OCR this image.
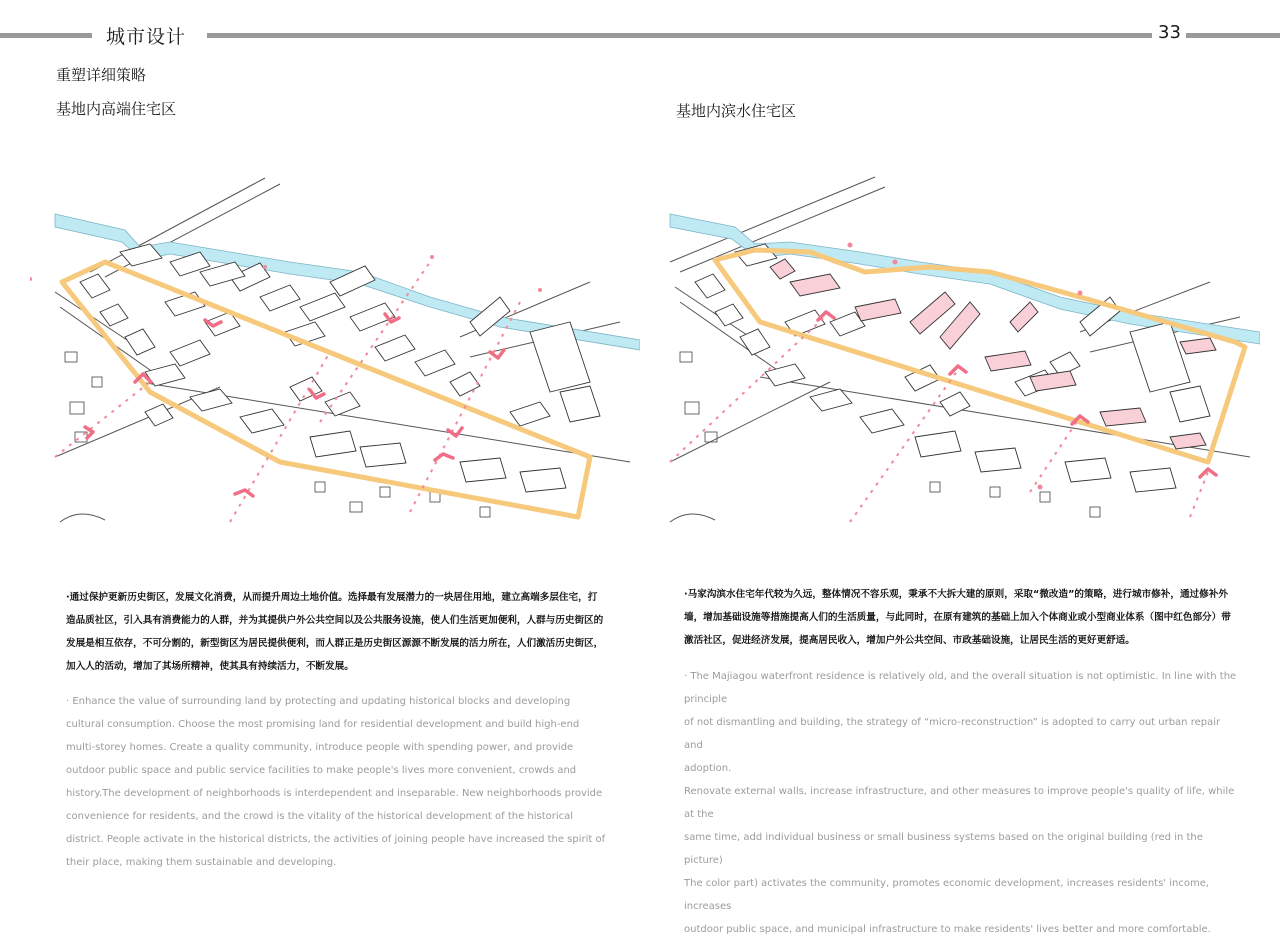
城市设计	33
重塑详细策略
基地内高端住宅区	基地内滨水住宅区

·通过保护更新历史街区，发展文化消费，从而提升周边土地价值。选择最有发展潜力的一块居住用地，建立高端多层住宅，打造品质社区，引入具有消费能力的人群，并为其提供户外公共空间以及公共服务设施，使人们生活更加便利，人群与历史街区的发展是相互依存，不可分割的，新型街区为居民提供便利，而人群正是历史街区源源不断发展的活力所在，人们激活历史街区，加入人的活动，增加了其场所精神，使其具有持续活力，不断发展。

· Enhance the value of surrounding land by protecting and updating historical blocks and developing cultural consumption. Choose the most promising land for residential development and build high-end multi-storey homes. Create a quality community, introduce people with spending power, and provide outdoor public space and public service facilities to make people's lives more convenient, crowds and history.The development of neighborhoods is interdependent and inseparable. New neighborhoods provide convenience for residents, and the crowd is the vitality of the historical development of the historical district. People activate in the historical districts, the activities of joining people have increased the spirit of their place, making them sustainable and developing.

·马家沟滨水住宅年代较为久远，整体情况不容乐观，秉承不大拆大建的原则，采取“微改造”的策略，进行城市修补，通过修补外墙，增加基础设施等措施提高人们的生活质量，与此同时，在原有建筑的基础上加入个体商业或小型商业体系（图中红色部分）带激活社区，促进经济发展，提高居民收入，增加户外公共空间、市政基础设施，让居民生活的更好更舒适。

· The Majiagou waterfront residence is relatively old, and the overall situation is not optimistic. In line with the principle

of not dismantling and building, the strategy of “micro-reconstruction” is adopted to carry out urban repair and

adoption.

Renovate external walls, increase infrastructure, and other measures to improve people's quality of life, while at the

same time, add individual business or small business systems based on the original building (red in the picture)

The color part) activates the community, promotes economic development, increases residents' income, increases

outdoor public space, and municipal infrastructure to make residents' lives better and more comfortable.
